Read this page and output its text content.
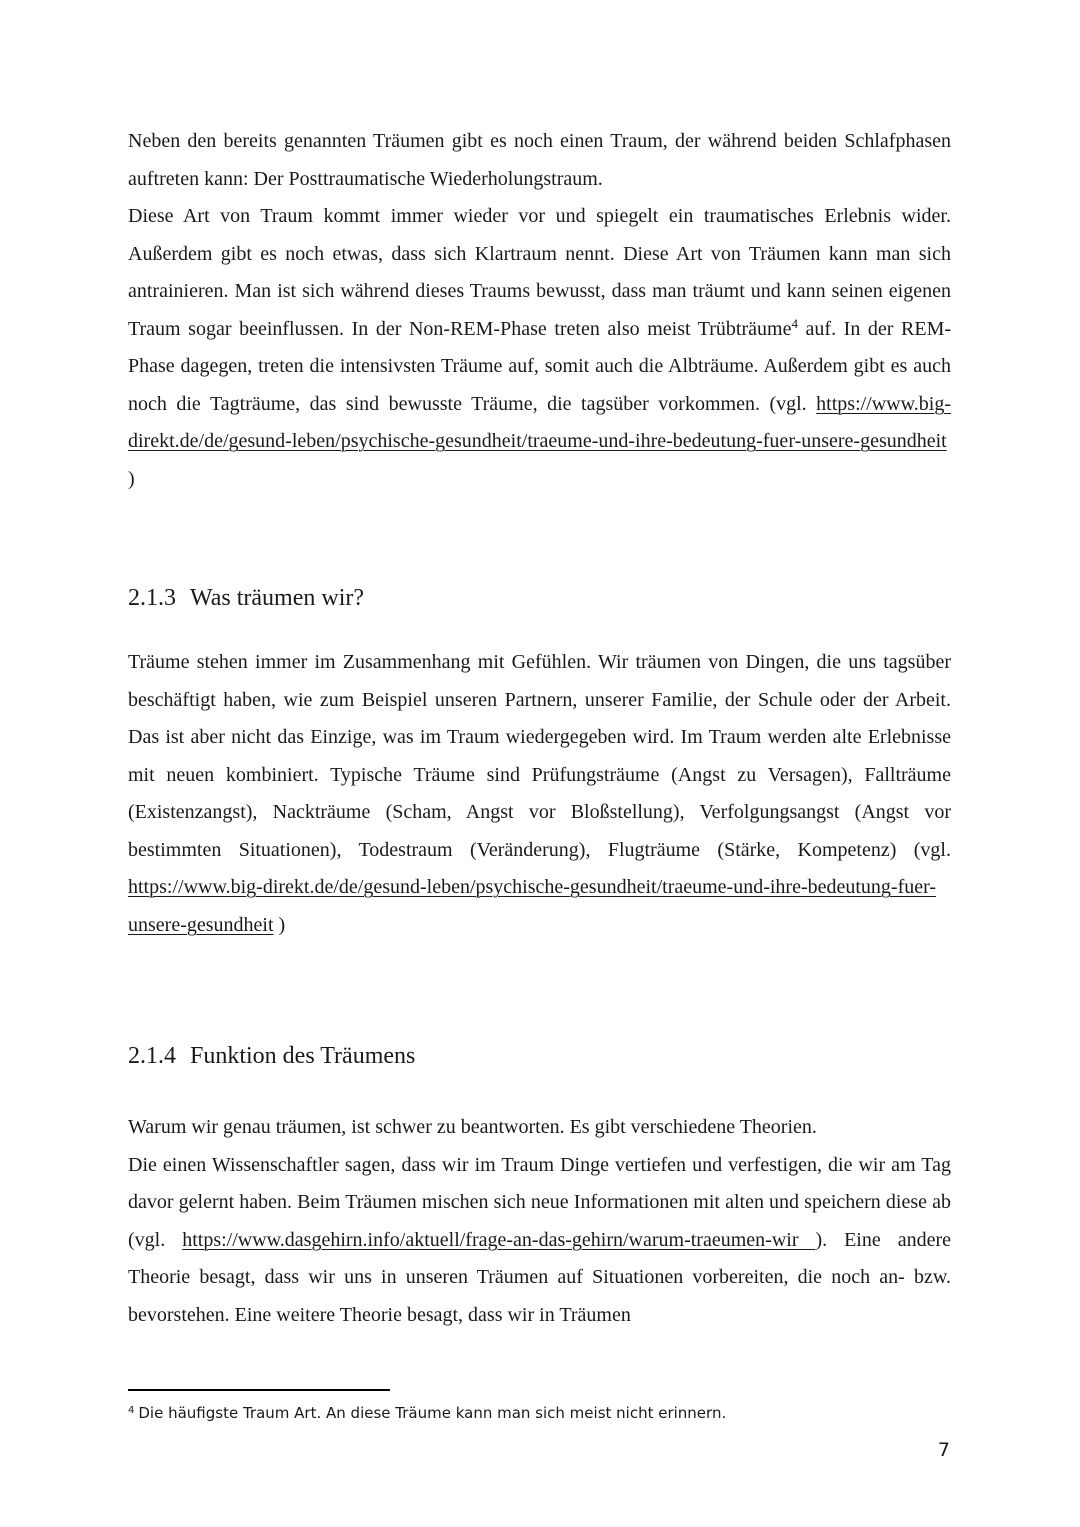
Neben den bereits genannten Träumen gibt es noch einen Traum, der während beiden Schlafphasen auftreten kann: Der Posttraumatische Wiederholungstraum.

Diese Art von Traum kommt immer wieder vor und spiegelt ein traumatisches Erlebnis wider. Außerdem gibt es noch etwas, dass sich Klartraum nennt. Diese Art von Träumen kann man sich antrainieren. Man ist sich während dieses Traums bewusst, dass man träumt und kann seinen eigenen Traum sogar beeinflussen. In der Non-REM-Phase treten also meist Trübträume$^4$ auf. In der REM-Phase dagegen, treten die intensivsten Träume auf, somit auch die Albträume. Außerdem gibt es auch noch die Tagträume, das sind bewusste Träume, die tagsüber vorkommen. (vgl. https://www.big-direkt.de/de/gesund-leben/psychische-gesundheit/traeume-und-ihre-bedeutung-fuer-unsere-gesundheit )

2.1.3 Was träumen wir?

Träume stehen immer im Zusammenhang mit Gefühlen. Wir träumen von Dingen, die uns tagsüber beschäftigt haben, wie zum Beispiel unseren Partnern, unserer Familie, der Schule oder der Arbeit. Das ist aber nicht das Einzige, was im Traum wiedergegeben wird. Im Traum werden alte Erlebnisse mit neuen kombiniert. Typische Träume sind Prüfungsträume (Angst zu Versagen), Fallträume (Existenzangst), Nackträume (Scham, Angst vor Bloßstellung), Verfolgungsangst (Angst vor bestimmten Situationen), Todestraum (Veränderung), Flugträume (Stärke, Kompetenz) (vgl. https://www.big-direkt.de/de/gesund-leben/psychische-gesundheit/traeume-und-ihre-bedeutung-fuer-unsere-gesundheit )

2.1.4 Funktion des Träumens

Warum wir genau träumen, ist schwer zu beantworten. Es gibt verschiedene Theorien.

Die einen Wissenschaftler sagen, dass wir im Traum Dinge vertiefen und verfestigen, die wir am Tag davor gelernt haben. Beim Träumen mischen sich neue Informationen mit alten und speichern diese ab (vgl. https://www.dasgehirn.info/aktuell/frage-an-das-gehirn/warum-traeumen-wir ). Eine andere Theorie besagt, dass wir uns in unseren Träumen auf Situationen vorbereiten, die noch an- bzw. bevorstehen. Eine weitere Theorie besagt, dass wir in Träumen

$^4$ Die häufigste Traum Art. An diese Träume kann man sich meist nicht erinnern.
7
